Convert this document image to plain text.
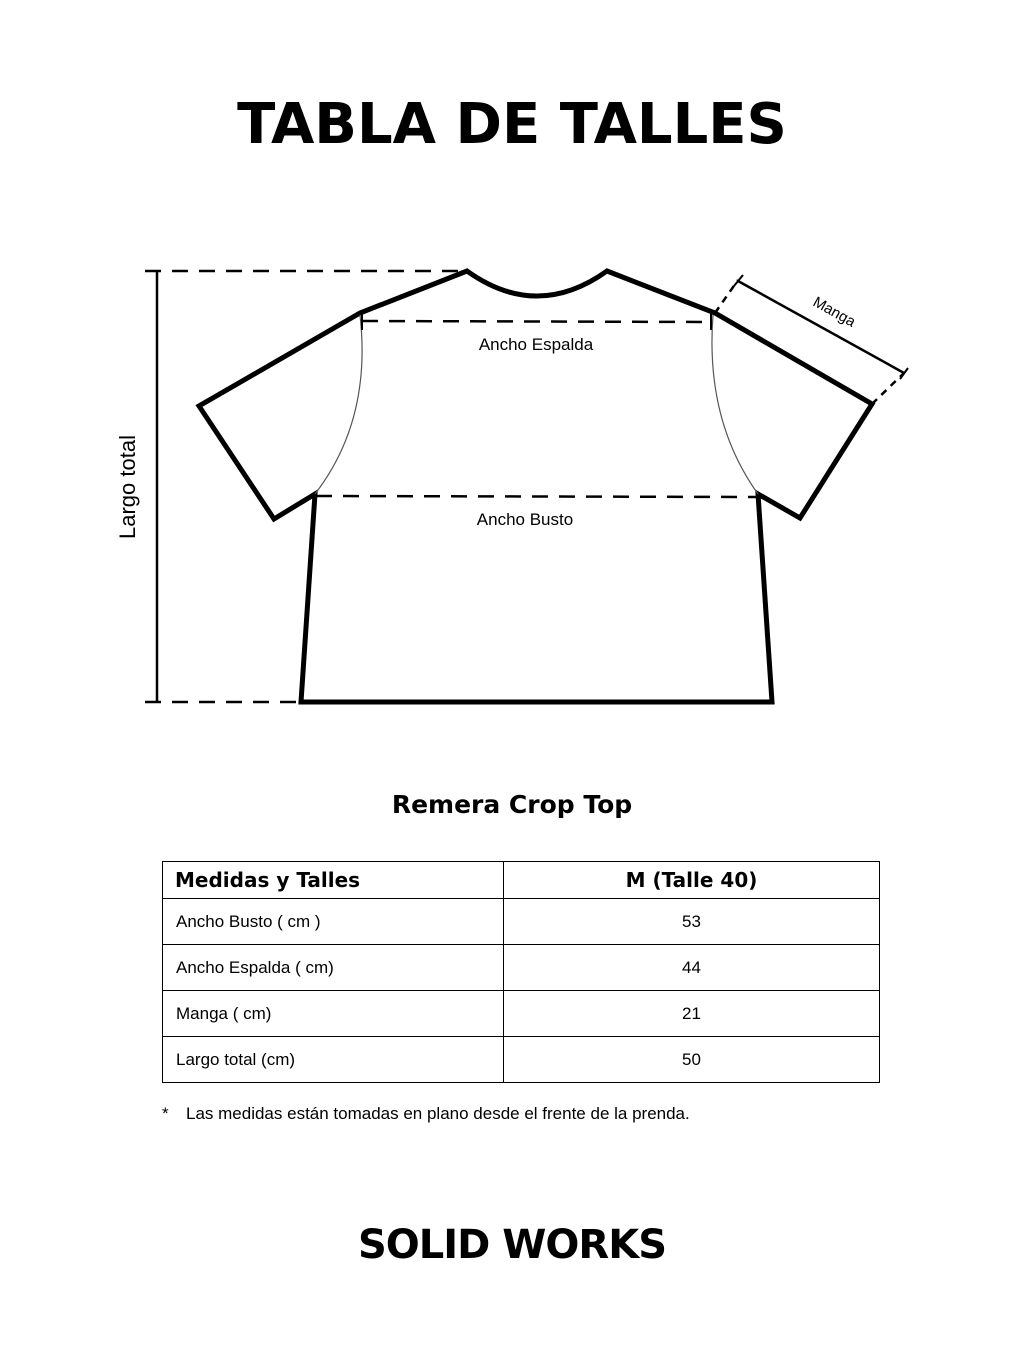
TABLA DE TALLES
Largo total
Ancho Espalda
Ancho Busto
Manga
Remera Crop Top
Medidas y Talles	M (Talle 40)
Ancho Busto ( cm )	53
Ancho Espalda ( cm)	44
Manga ( cm)	21
Largo total (cm)	50
* Las medidas están tomadas en plano desde el frente de la prenda.
SOLID WORKS
